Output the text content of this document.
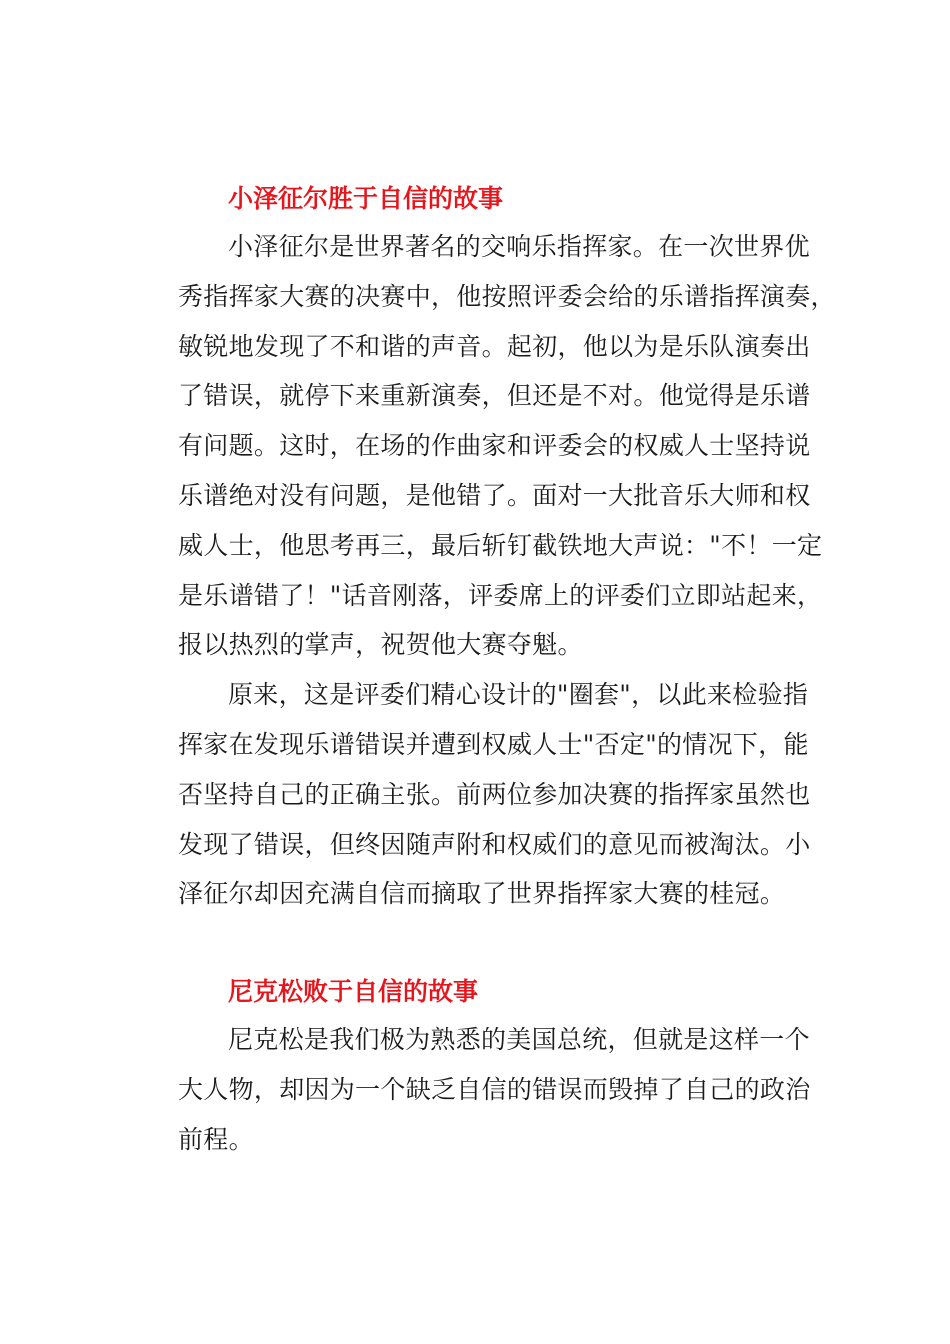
小泽征尔胜于自信的故事

小泽征尔是世界著名的交响乐指挥家。在一次世界优
秀指挥家大赛的决赛中，他按照评委会给的乐谱指挥演奏，
敏锐地发现了不和谐的声音。起初，他以为是乐队演奏出
了错误，就停下来重新演奏，但还是不对。他觉得是乐谱
有问题。这时，在场的作曲家和评委会的权威人士坚持说
乐谱绝对没有问题，是他错了。面对一大批音乐大师和权
威人士，他思考再三，最后斩钉截铁地大声说："不！一定
是乐谱错了！"话音刚落，评委席上的评委们立即站起来，
报以热烈的掌声，祝贺他大赛夺魁。

原来，这是评委们精心设计的"圈套"，以此来检验指
挥家在发现乐谱错误并遭到权威人士"否定"的情况下，能
否坚持自己的正确主张。前两位参加决赛的指挥家虽然也
发现了错误，但终因随声附和权威们的意见而被淘汰。小
泽征尔却因充满自信而摘取了世界指挥家大赛的桂冠。

尼克松败于自信的故事

尼克松是我们极为熟悉的美国总统，但就是这样一个
大人物，却因为一个缺乏自信的错误而毁掉了自己的政治
前程。
